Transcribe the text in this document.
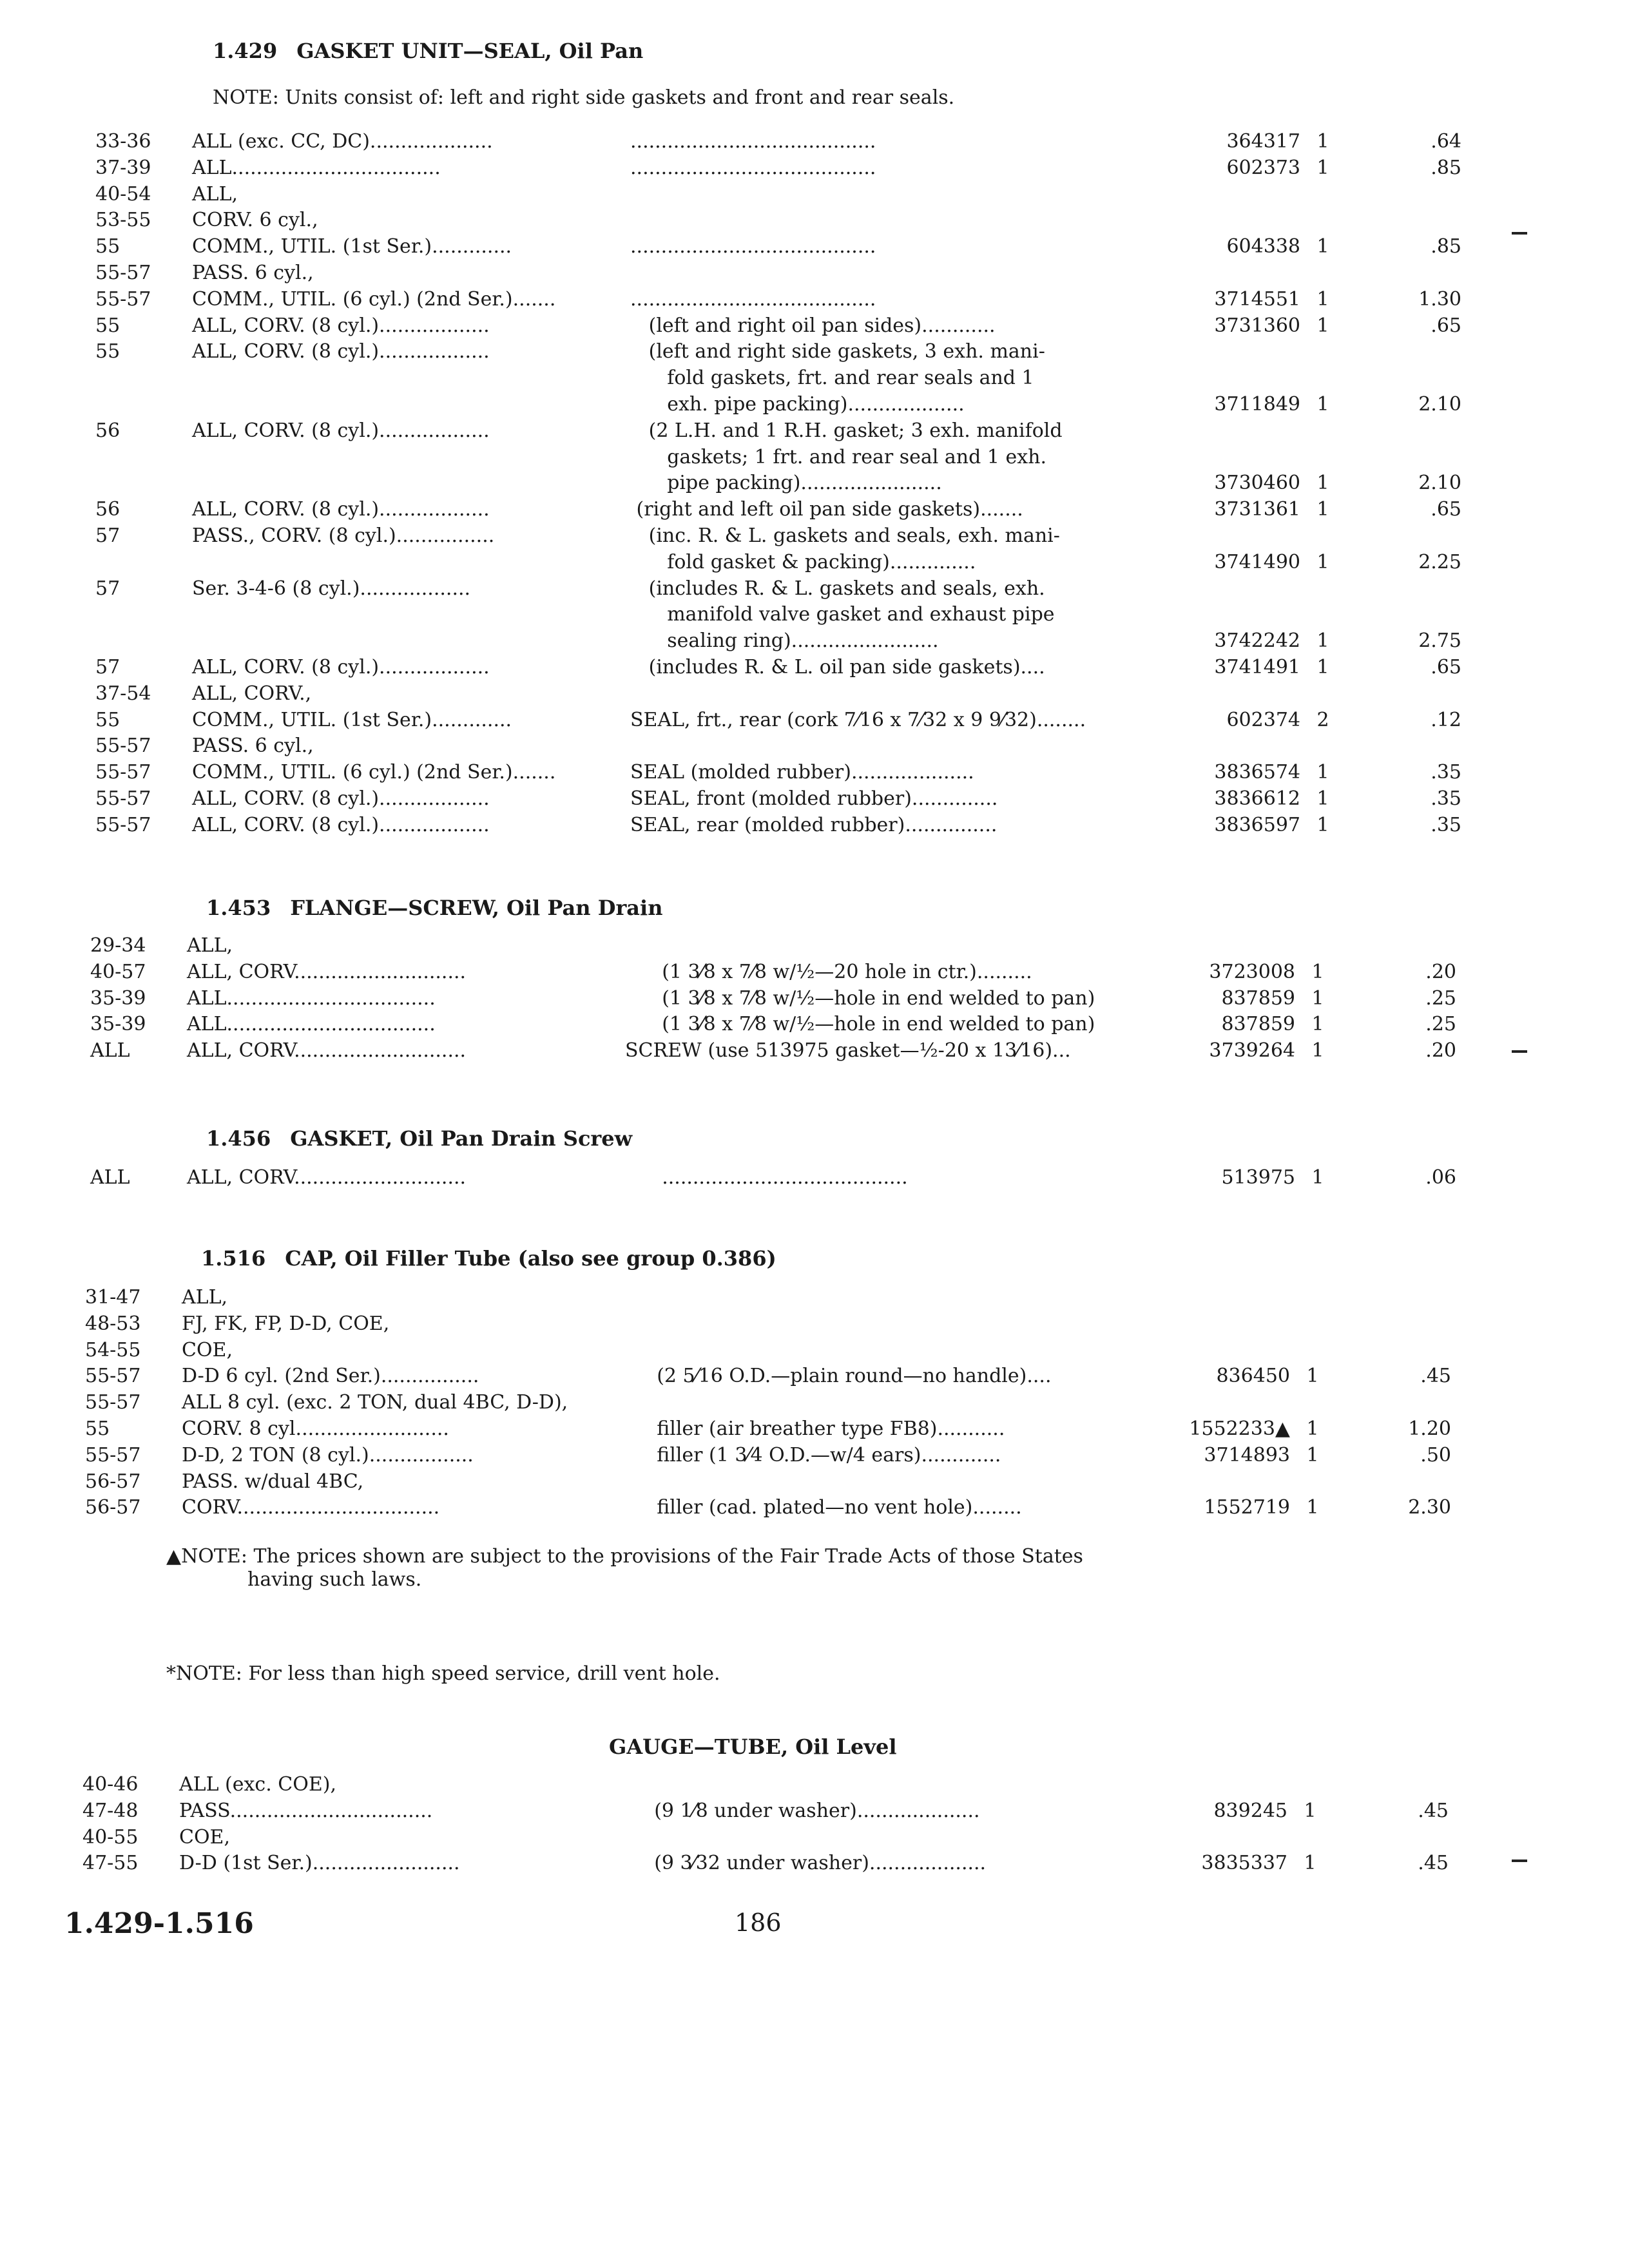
1.429 GASKET UNIT—SEAL, Oil Pan
NOTE: Units consist of: left and right side gaskets and front and rear seals.
33-36 ALL (exc. CC, DC)....................	........................................	364317 1	.64
37-39 ALL..................................	........................................	602373 1	.85
40-54 ALL,
53-55 CORV. 6 cyl.,
55	COMM., UTIL. (1st Ser.).............	........................................	604338 1	.85
55-57 PASS. 6 cyl.,
55-57 COMM., UTIL. (6 cyl.) (2nd Ser.).......	........................................	3714551 1	1.30
55	ALL, CORV. (8 cyl.)..................	(left and right oil pan sides)............	3731360 1	.65
55	ALL, CORV. (8 cyl.)..................	(left and right side gaskets, 3 exh. mani-
fold gaskets, frt. and rear seals and 1
exh. pipe packing)...................	3711849 1	2.10
56	ALL, CORV. (8 cyl.)..................	(2 L.H. and 1 R.H. gasket; 3 exh. manifold
gaskets; 1 frt. and rear seal and 1 exh.
pipe packing).......................	3730460 1	2.10
56	ALL, CORV. (8 cyl.)..................	(right and left oil pan side gaskets).......	3731361 1	.65
57	PASS., CORV. (8 cyl.)................	(inc. R. & L. gaskets and seals, exh. mani-
fold gasket & packing)..............	3741490 1	2.25
57	Ser. 3-4-6 (8 cyl.)..................	(includes R. & L. gaskets and seals, exh.
manifold valve gasket and exhaust pipe
sealing ring)........................	3742242 1	2.75
57	ALL, CORV. (8 cyl.)..................	(includes R. & L. oil pan side gaskets)....	3741491 1	.65
37-54 ALL, CORV.,
55	COMM., UTIL. (1st Ser.).............	SEAL, frt., rear (cork 7⁄16 x 7⁄32 x 9 9⁄32)........	602374 2	.12
55-57 PASS. 6 cyl.,
55-57 COMM., UTIL. (6 cyl.) (2nd Ser.).......	SEAL (molded rubber)....................	3836574 1	.35
55-57 ALL, CORV. (8 cyl.)..................	SEAL, front (molded rubber)..............	3836612 1	.35
55-57 ALL, CORV. (8 cyl.)..................	SEAL, rear (molded rubber)...............	3836597 1	.35
1.453 FLANGE—SCREW, Oil Pan Drain
29-34 ALL,
40-57 ALL, CORV............................	(1 3⁄8 x 7⁄8 w/½—20 hole in ctr.).........	3723008 1	.20
35-39 ALL..................................	(1 3⁄8 x 7⁄8 w/½—hole in end welded to pan)	837859 1	.25
35-39 ALL..................................	(1 3⁄8 x 7⁄8 w/½—hole in end welded to pan)	837859 1	.25
ALL	ALL, CORV............................	SCREW (use 513975 gasket—½-20 x 13⁄16)...	3739264 1	.20
1.456 GASKET, Oil Pan Drain Screw
ALL	ALL, CORV............................	........................................	513975 1	.06
1.516 CAP, Oil Filler Tube (also see group 0.386)
31-47 ALL,
48-53 FJ, FK, FP, D-D, COE,
54-55 COE,
55-57 D-D 6 cyl. (2nd Ser.)................	(2 5⁄16 O.D.—plain round—no handle)....	836450 1	.45
55-57 ALL 8 cyl. (exc. 2 TON, dual 4BC, D-D),
55	CORV. 8 cyl.........................	filler (air breather type FB8)...........	1552233▲ 1	1.20
55-57 D-D, 2 TON (8 cyl.).................	filler (1 3⁄4 O.D.—w/4 ears).............	3714893 1	.50
56-57 PASS. w/dual 4BC,
56-57 CORV.................................	filler (cad. plated—no vent hole)........	1552719 1	2.30
GAUGE—TUBE, Oil Level
40-46 ALL (exc. COE),
47-48 PASS.................................	(9 1⁄8 under washer)....................	839245 1	.45
40-55 COE,
47-55 D-D (1st Ser.)........................	(9 3⁄32 under washer)...................	3835337 1	.45
▲NOTE: The prices shown are subject to the provisions of the Fair Trade Acts of those States
having such laws.
*NOTE: For less than high speed service, drill vent hole.
1.429-1.516	186
